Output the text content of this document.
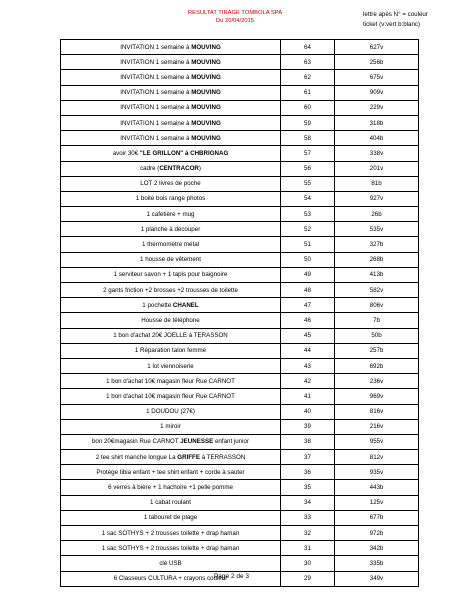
RESULTAT TIRAGE TOMBOLA SPA
Du 20/04/2015
lettre apès N° = couleur
ticket (v:vert b:blanc)
INVITATION 1 semaine à MOUVING	64	627v
INVITATION 1 semaine à MOUVING	63	256b
INVITATION 1 semaine à MOUVING	62	675v
INVITATION 1 semaine à MOUVING	61	909v
INVITATION 1 semaine à MOUVING	60	229v
INVITATION 1 semaine à MOUVING	59	318b
INVITATION 1 semaine à MOUVING	58	404b
avoir 30€ "LE GRILLON" à CHBRIGNAG	57	338v
cadre (CENTRACOR)	56	201v
LOT 2 livres de poche	55	81b
1 boite bois range photos	54	927v
1 cafetière + mug	53	26b
1 planche à découper	52	535v
1 thermomètre métal	51	327b
1 housse de vêtement	50	268b
1 serviteur savon + 1 tapis pour baignoire	49	413b
2 gants friction +2 brosses +2 trousses de toilette	48	582v
1 pochette CHANEL	47	806v
Housse de téléphone	46	7b
1 bon d'achat 20€ JOELLE à TERASSON	45	50b
1 Réparation talon femme	44	257b
1 lot viennoiserie	43	692b
1 bon d'achat 10€ magasin fleur Rue CARNOT	42	236v
1 bon d'achat 10€ magasin fleur Rue CARNOT	41	969v
1 DOUDOU (27€)	40	816v
1 miroir	39	216v
bon 20€magasin Rue CARNOT JEUNESSE enfant junior	38	955v
2 tee shirt manche longue La GRIFFE à TERRASSON	37	812v
Protège tibia enfant + tee shirt enfant + corde à sauter	36	935v
6 verres à bière + 1 hachoire +1 pelle pomme	35	443b
1 cabat roulant	34	125v
1 tabouret de plage	33	677b
1 sac SOTHYS + 2 trousses toilette + drap haman	32	972b
1 sac SOTHYS + 2 trousses toilette + drap haman	31	342b
clé USB	30	335b
6 Classeurs CULTURA + crayons couleur	29	349v
Page 2 de 3
